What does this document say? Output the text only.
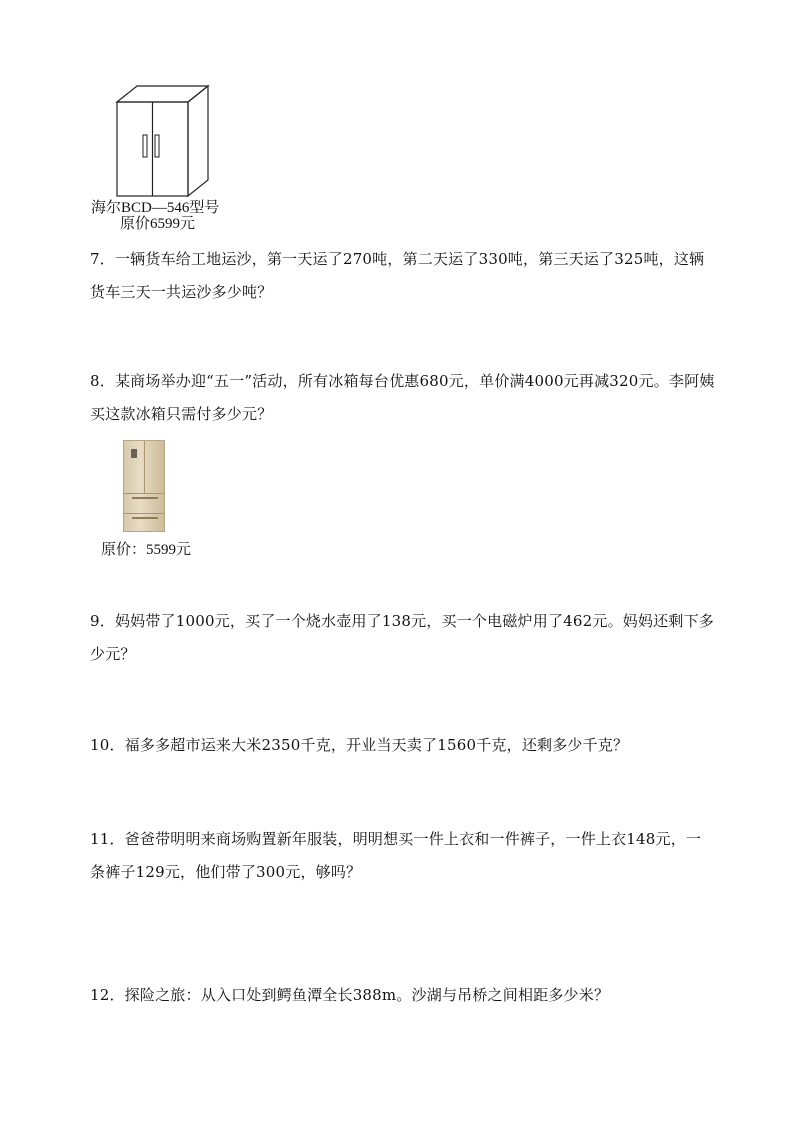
海尔BCD—546型号
原价6599元
7．一辆货车给工地运沙，第一天运了270吨，第二天运了330吨，第三天运了325吨，这辆货车三天一共运沙多少吨？
8．某商场举办迎“五一”活动，所有冰箱每台优惠680元，单价满4000元再减320元。李阿姨买这款冰箱只需付多少元？
原价：5599元
9．妈妈带了1000元，买了一个烧水壶用了138元，买一个电磁炉用了462元。妈妈还剩下多少元？
10．福多多超市运来大米2350千克，开业当天卖了1560千克，还剩多少千克？
11．爸爸带明明来商场购置新年服装，明明想买一件上衣和一件裤子，一件上衣148元，一条裤子129元，他们带了300元，够吗？
12．探险之旅：从入口处到鳄鱼潭全长388m。沙湖与吊桥之间相距多少米？
